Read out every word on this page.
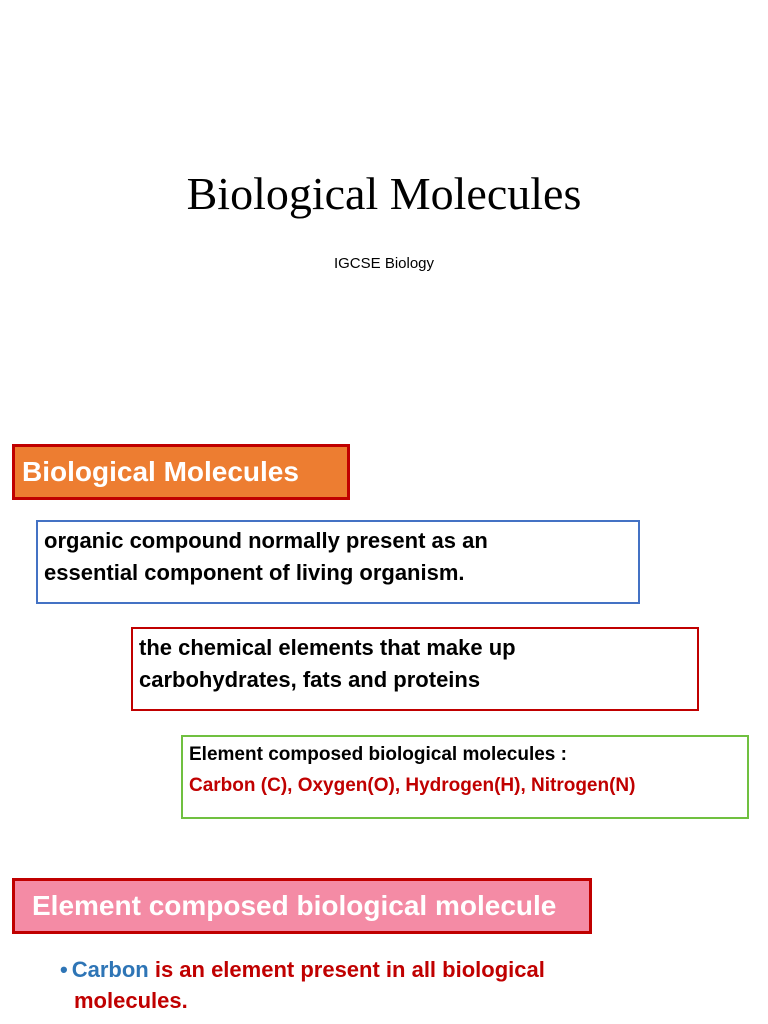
Biological Molecules
IGCSE Biology
Biological Molecules
organic compound normally present as an
essential component of living organism.
the chemical elements that make up
carbohydrates, fats and proteins
Element composed biological molecules :
Carbon (C), Oxygen(O), Hydrogen(H), Nitrogen(N)
Element composed biological molecule
• Carbon is an element present in all biological
molecules.
